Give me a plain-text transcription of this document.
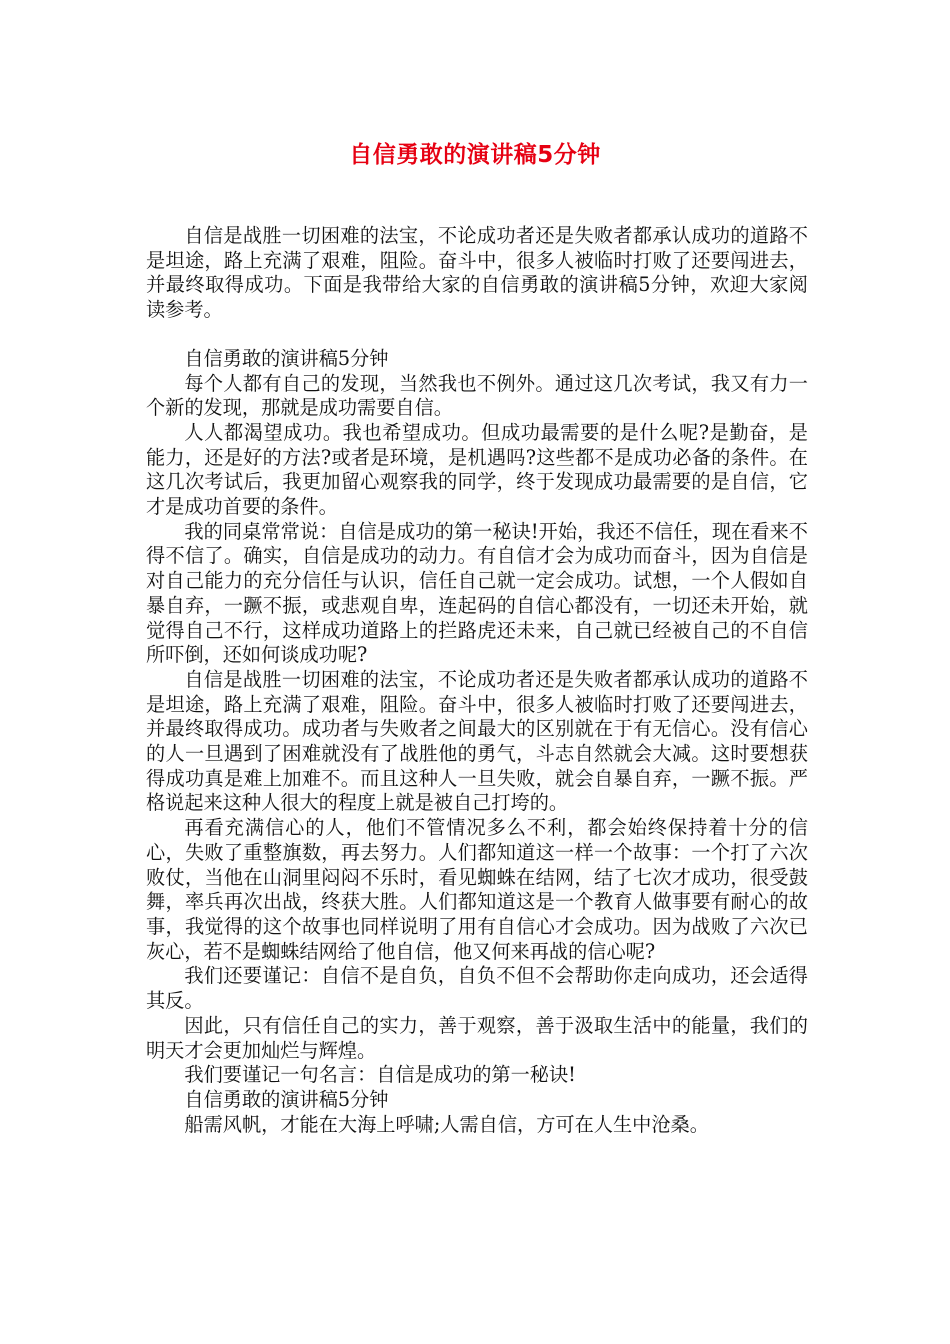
自信勇敢的演讲稿5分钟

自信是战胜一切困难的法宝，不论成功者还是失败者都承认成功的道路不是坦途，路上充满了艰难，阻险。奋斗中，很多人被临时打败了还要闯进去，并最终取得成功。下面是我带给大家的自信勇敢的演讲稿5分钟，欢迎大家阅读参考。

自信勇敢的演讲稿5分钟

每个人都有自己的发现，当然我也不例外。通过这几次考试，我又有力一个新的发现，那就是成功需要自信。

人人都渴望成功。我也希望成功。但成功最需要的是什么呢?是勤奋，是能力，还是好的方法?或者是环境，是机遇吗?这些都不是成功必备的条件。在这几次考试后，我更加留心观察我的同学，终于发现成功最需要的是自信，它才是成功首要的条件。

我的同桌常常说：自信是成功的第一秘诀!开始，我还不信任，现在看来不得不信了。确实，自信是成功的动力。有自信才会为成功而奋斗，因为自信是对自己能力的充分信任与认识，信任自己就一定会成功。试想，一个人假如自暴自弃，一蹶不振，或悲观自卑，连起码的自信心都没有，一切还未开始，就觉得自己不行，这样成功道路上的拦路虎还未来，自己就已经被自己的不自信所吓倒，还如何谈成功呢?

自信是战胜一切困难的法宝，不论成功者还是失败者都承认成功的道路不是坦途，路上充满了艰难，阻险。奋斗中，很多人被临时打败了还要闯进去，并最终取得成功。成功者与失败者之间最大的区别就在于有无信心。没有信心的人一旦遇到了困难就没有了战胜他的勇气，斗志自然就会大减。这时要想获得成功真是难上加难不。而且这种人一旦失败，就会自暴自弃，一蹶不振。严格说起来这种人很大的程度上就是被自己打垮的。

再看充满信心的人，他们不管情况多么不利，都会始终保持着十分的信心，失败了重整旗数，再去努力。人们都知道这一样一个故事：一个打了六次败仗，当他在山洞里闷闷不乐时，看见蜘蛛在结网，结了七次才成功，很受鼓舞，率兵再次出战，终获大胜。人们都知道这是一个教育人做事要有耐心的故事，我觉得的这个故事也同样说明了用有自信心才会成功。因为战败了六次已灰心，若不是蜘蛛结网给了他自信，他又何来再战的信心呢?

我们还要谨记：自信不是自负，自负不但不会帮助你走向成功，还会适得其反。

因此，只有信任自己的实力，善于观察，善于汲取生活中的能量，我们的明天才会更加灿烂与辉煌。

我们要谨记一句名言：自信是成功的第一秘诀!

自信勇敢的演讲稿5分钟

船需风帆，才能在大海上呼啸;人需自信，方可在人生中沧桑。
